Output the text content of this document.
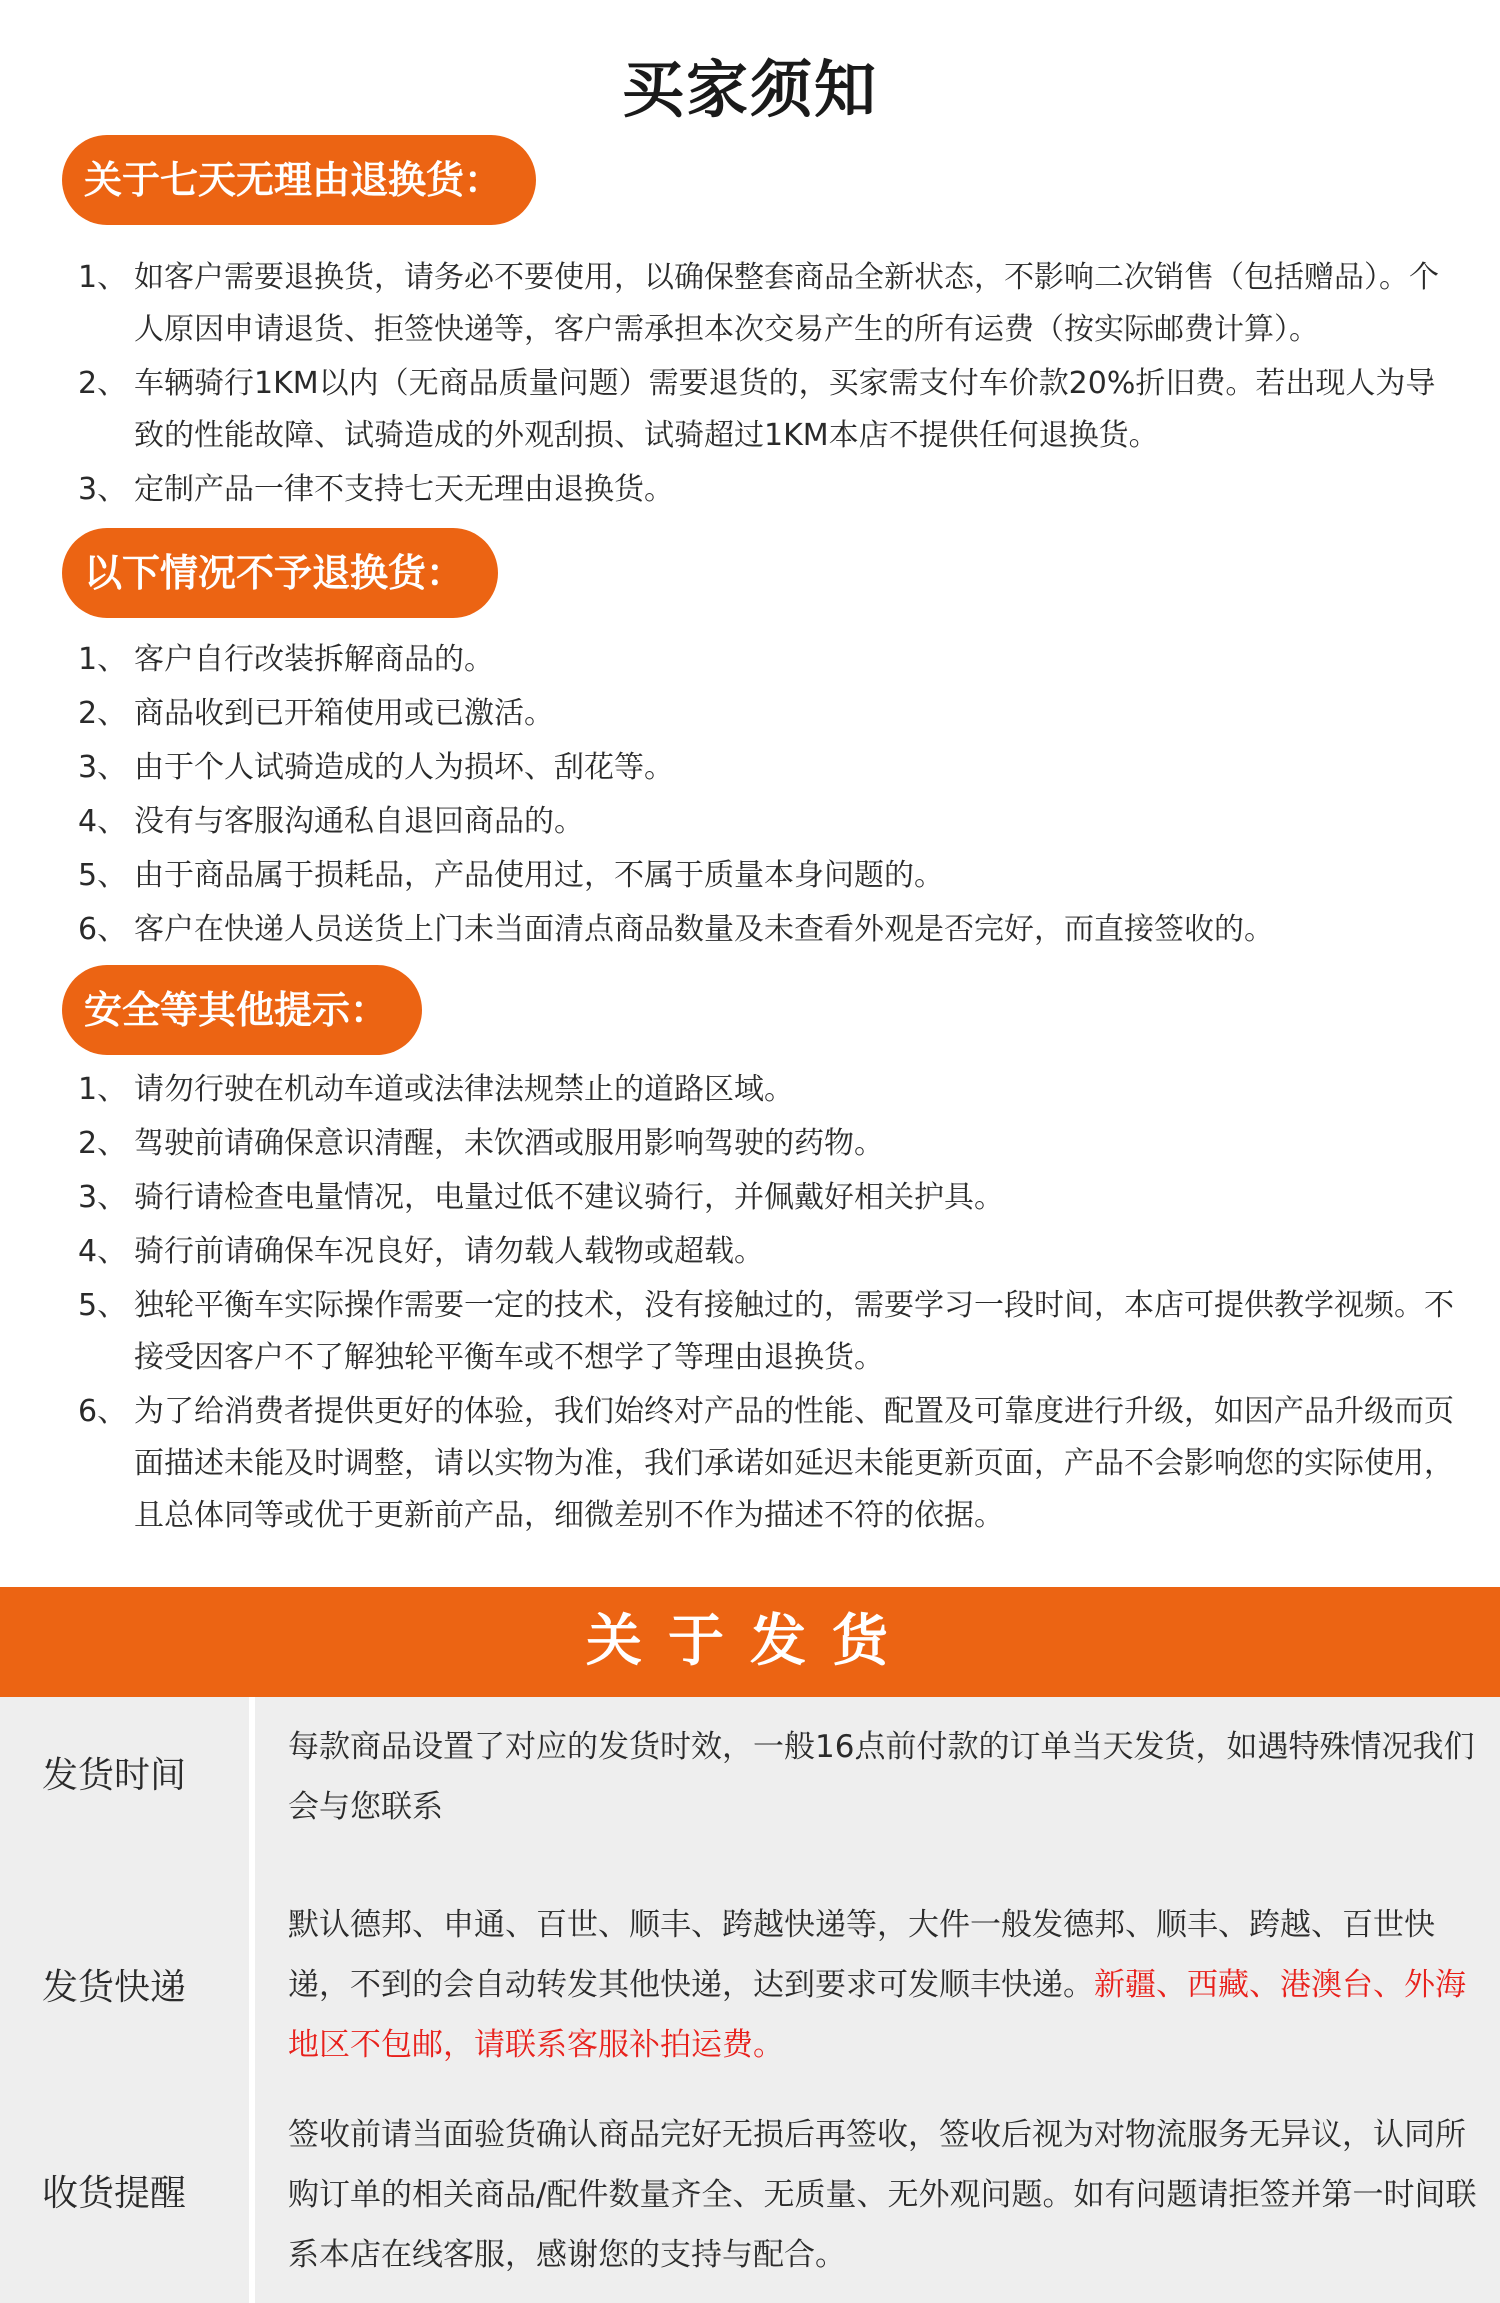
买家须知
关于七天无理由退换货：
1、 如客户需要退换货，请务必不要使用，以确保整套商品全新状态，不影响二次销售（包括赠品）。个人原因申请退货、拒签快递等，客户需承担本次交易产生的所有运费（按实际邮费计算）。
2、 车辆骑行1KM以内（无商品质量问题）需要退货的，买家需支付车价款20%折旧费。若出现人为导致的性能故障、试骑造成的外观刮损、试骑超过1KM本店不提供任何退换货。
3、 定制产品一律不支持七天无理由退换货。
以下情况不予退换货：
1、 客户自行改装拆解商品的。
2、 商品收到已开箱使用或已激活。
3、 由于个人试骑造成的人为损坏、刮花等。
4、 没有与客服沟通私自退回商品的。
5、 由于商品属于损耗品，产品使用过，不属于质量本身问题的。
6、 客户在快递人员送货上门未当面清点商品数量及未查看外观是否完好，而直接签收的。
安全等其他提示：
1、 请勿行驶在机动车道或法律法规禁止的道路区域。
2、 驾驶前请确保意识清醒，未饮酒或服用影响驾驶的药物。
3、 骑行请检查电量情况，电量过低不建议骑行，并佩戴好相关护具。
4、 骑行前请确保车况良好，请勿载人载物或超载。
5、 独轮平衡车实际操作需要一定的技术，没有接触过的，需要学习一段时间，本店可提供教学视频。不接受因客户不了解独轮平衡车或不想学了等理由退换货。
6、 为了给消费者提供更好的体验，我们始终对产品的性能、配置及可靠度进行升级，如因产品升级而页面描述未能及时调整，请以实物为准，我们承诺如延迟未能更新页面，产品不会影响您的实际使用，且总体同等或优于更新前产品，细微差别不作为描述不符的依据。
关于发货
发货时间
每款商品设置了对应的发货时效，一般16点前付款的订单当天发货，如遇特殊情况我们会与您联系
发货快递
默认德邦、申通、百世、顺丰、跨越快递等，大件一般发德邦、顺丰、跨越、百世快递，不到的会自动转发其他快递，达到要求可发顺丰快递。新疆、西藏、港澳台、外海地区不包邮，请联系客服补拍运费。
收货提醒
签收前请当面验货确认商品完好无损后再签收，签收后视为对物流服务无异议，认同所购订单的相关商品/配件数量齐全、无质量、无外观问题。如有问题请拒签并第一时间联系本店在线客服，感谢您的支持与配合。
